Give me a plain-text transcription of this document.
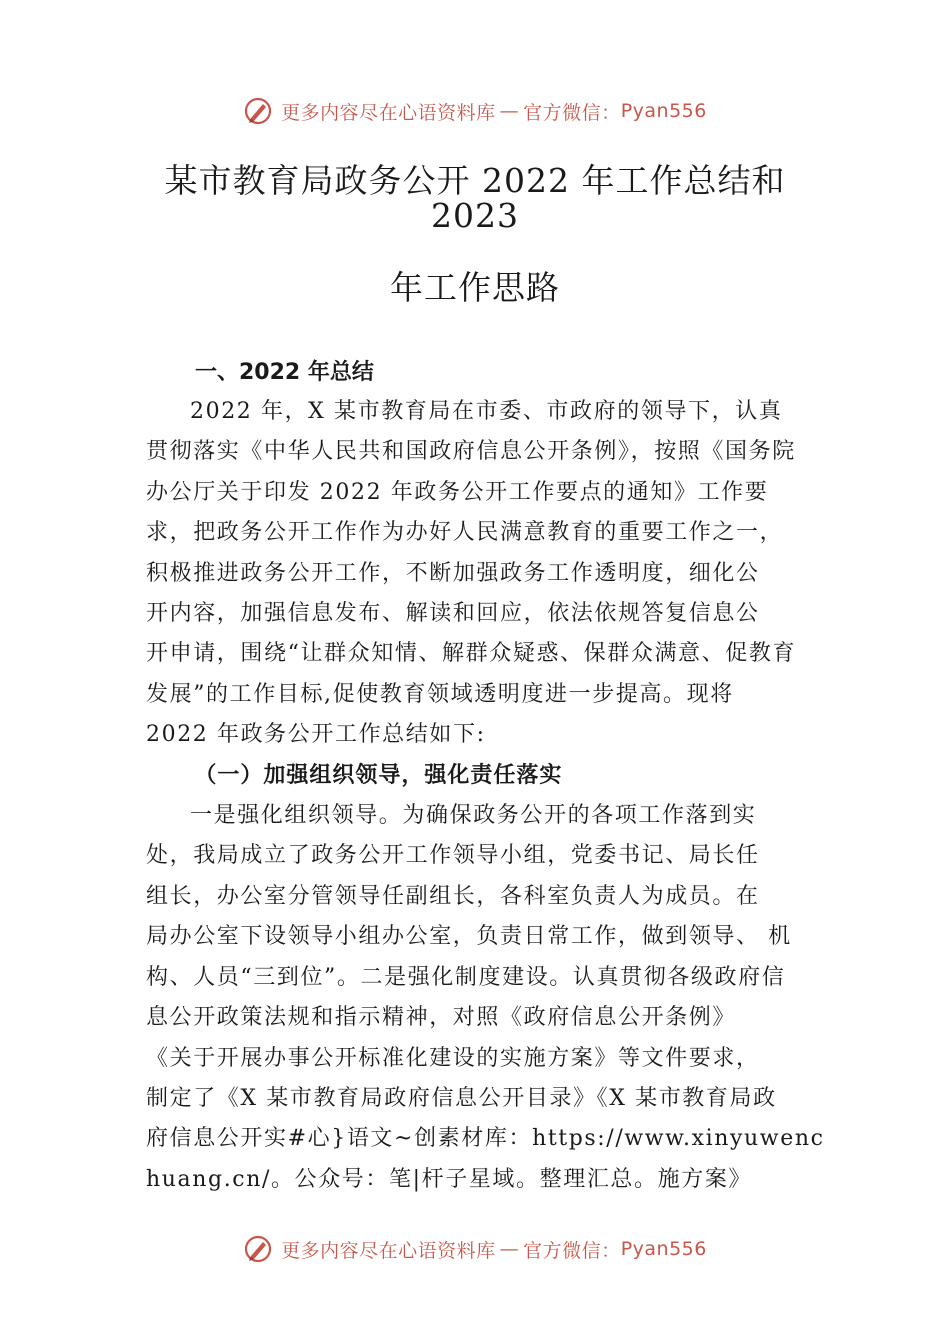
更多内容尽在心语资料库 — 官方微信： Pyan556
某市教育局政务公开 2022 年工作总结和
2023
年工作思路
一、2022 年总结

2022 年，X 某市教育局在市委、市政府的领导下，认真
贯彻落实《中华人民共和国政府信息公开条例》，按照《国务院
办公厅关于印发 2022 年政务公开工作要点的通知》工作要
求，把政务公开工作作为办好人民满意教育的重要工作之一，
积极推进政务公开工作，不断加强政务工作透明度，细化公
开内容，加强信息发布、解读和回应，依法依规答复信息公
开申请，围绕“让群众知情、解群众疑惑、保群众满意、促教育
发展”的工作目标,促使教育领域透明度进一步提高。现将
2022 年政务公开工作总结如下:

（一）加强组织领导，强化责任落实

一是强化组织领导。为确保政务公开的各项工作落到实
处，我局成立了政务公开工作领导小组，党委书记、局长任
组长，办公室分管领导任副组长，各科室负责人为成员。在
局办公室下设领导小组办公室，负责日常工作，做到领导、 机
构、人员“三到位”。二是强化制度建设。认真贯彻各级政府信
息公开政策法规和指示精神，对照《政府信息公开条例》
《关于开展办事公开标准化建设的实施方案》等文件要求，
制定了《X 某市教育局政府信息公开目录》《X 某市教育局政
府信息公开实#心}语文~创素材库：https://www.xinyuwenc
huang.cn/。公众号：笔|杆子星域。整理汇总。施方案》

更多内容尽在心语资料库 — 官方微信： Pyan556
